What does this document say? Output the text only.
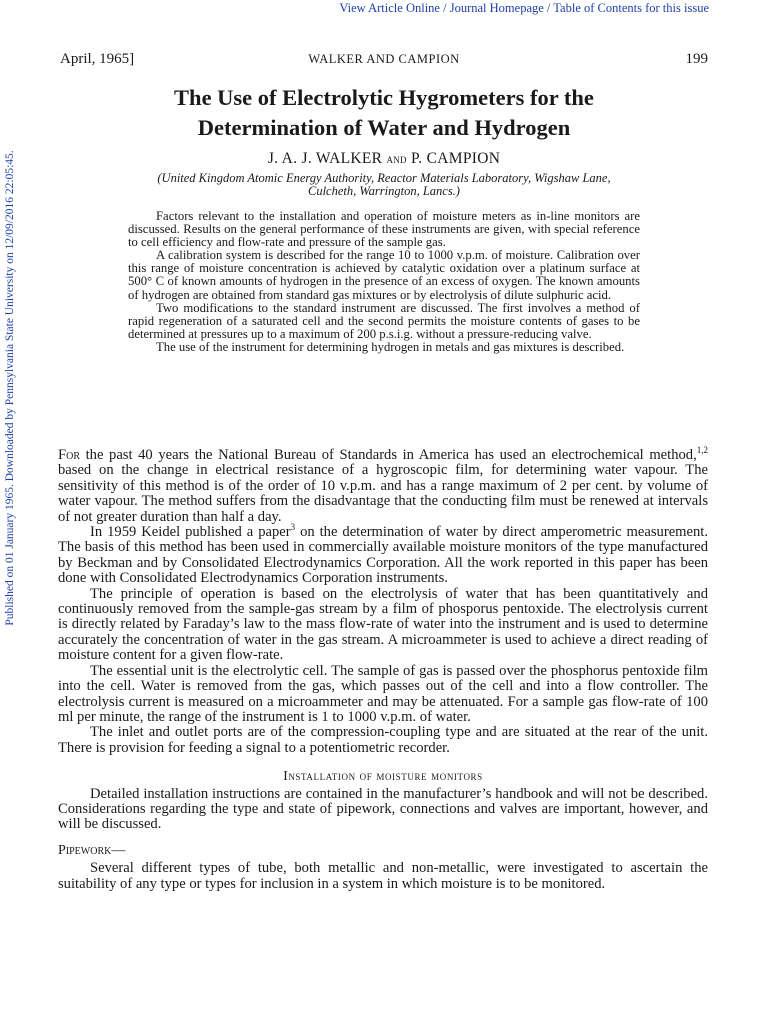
View Article Online / Journal Homepage / Table of Contents for this issue
Published on 01 January 1965. Downloaded by Pennsylvania State University on 12/09/2016 22:05:45.
April, 1965]	WALKER AND CAMPION	199
The Use of Electrolytic Hygrometers for the
Determination of Water and Hydrogen
J. A. J. WALKER and P. CAMPION
(United Kingdom Atomic Energy Authority, Reactor Materials Laboratory, Wigshaw Lane,
Culcheth, Warrington, Lancs.)

Factors relevant to the installation and operation of moisture meters as in-line monitors are discussed. Results on the general performance of these instruments are given, with special reference to cell efficiency and flow-rate and pressure of the sample gas.

A calibration system is described for the range 10 to 1000 v.p.m. of moisture. Calibration over this range of moisture concentration is achieved by catalytic oxidation over a platinum surface at 500° C of known amounts of hydrogen in the presence of an excess of oxygen. The known amounts of hydrogen are obtained from standard gas mixtures or by electrolysis of dilute sulphuric acid.

Two modifications to the standard instrument are discussed. The first involves a method of rapid regeneration of a saturated cell and the second permits the moisture contents of gases to be determined at pressures up to a maximum of 200 p.s.i.g. without a pressure-reducing valve.

The use of the instrument for determining hydrogen in metals and gas mixtures is described.

For the past 40 years the National Bureau of Standards in America has used an electrochemical method,$^{1,2}$ based on the change in electrical resistance of a hygroscopic film, for determining water vapour. The sensitivity of this method is of the order of 10 v.p.m. and has a range maximum of 2 per cent. by volume of water vapour. The method suffers from the disadvantage that the conducting film must be renewed at intervals of not greater duration than half a day.

In 1959 Keidel published a paper$^3$ on the determination of water by direct amperometric measurement. The basis of this method has been used in commercially available moisture monitors of the type manufactured by Beckman and by Consolidated Electrodynamics Corporation. All the work reported in this paper has been done with Consolidated Electrodynamics Corporation instruments.

The principle of operation is based on the electrolysis of water that has been quantitatively and continuously removed from the sample-gas stream by a film of phosporus pentoxide. The electrolysis current is directly related by Faraday’s law to the mass flow-rate of water into the instrument and is used to determine accurately the concentration of water in the gas stream. A microammeter is used to achieve a direct reading of moisture content for a given flow-rate.

The essential unit is the electrolytic cell. The sample of gas is passed over the phosphorus pentoxide film into the cell. Water is removed from the gas, which passes out of the cell and into a flow controller. The electrolysis current is measured on a microammeter and may be attenuated. For a sample gas flow-rate of 100 ml per minute, the range of the instrument is 1 to 1000 v.p.m. of water.

The inlet and outlet ports are of the compression-coupling type and are situated at the rear of the unit. There is provision for feeding a signal to a potentiometric recorder.

Installation of moisture monitors

Detailed installation instructions are contained in the manufacturer’s handbook and will not be described. Considerations regarding the type and state of pipework, connections and valves are important, however, and will be discussed.

Pipework—

Several different types of tube, both metallic and non-metallic, were investigated to ascertain the suitability of any type or types for inclusion in a system in which moisture is to be monitored.
